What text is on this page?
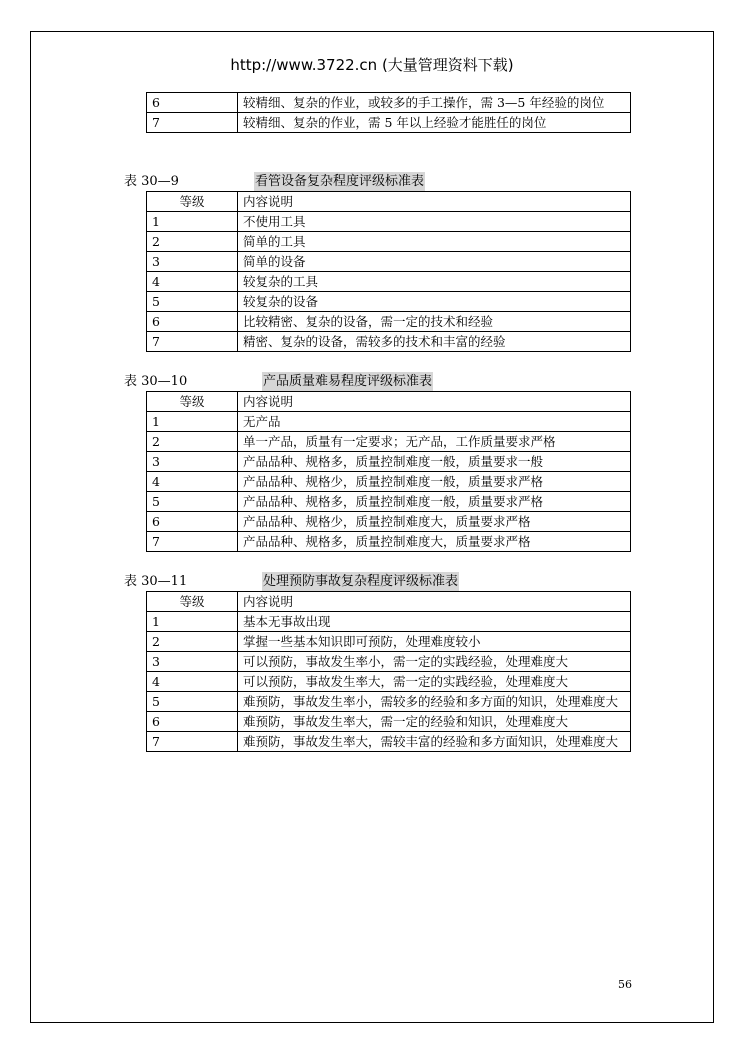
http://www.3722.cn (大量管理资料下载)
6	较精细、复杂的作业，或较多的手工操作，需 3—5 年经验的岗位
7	较精细、复杂的作业，需 5 年以上经验才能胜任的岗位
表 30—9	看管设备复杂程度评级标准表
等级	内容说明
1	不使用工具
2	简单的工具
3	简单的设备
4	较复杂的工具
5	较复杂的设备
6	比较精密、复杂的设备，需一定的技术和经验
7	精密、复杂的设备，需较多的技术和丰富的经验
表 30—10	产品质量难易程度评级标准表
等级	内容说明
1	无产品
2	单一产品，质量有一定要求；无产品，工作质量要求严格
3	产品品种、规格多，质量控制难度一般，质量要求一般
4	产品品种、规格少，质量控制难度一般，质量要求严格
5	产品品种、规格多，质量控制难度一般，质量要求严格
6	产品品种、规格少，质量控制难度大，质量要求严格
7	产品品种、规格多，质量控制难度大，质量要求严格
表 30—11	处理预防事故复杂程度评级标准表
等级	内容说明
1	基本无事故出现
2	掌握一些基本知识即可预防，处理难度较小
3	可以预防，事故发生率小，需一定的实践经验，处理难度大
4	可以预防，事故发生率大，需一定的实践经验，处理难度大
5	难预防，事故发生率小，需较多的经验和多方面的知识，处理难度大
6	难预防，事故发生率大，需一定的经验和知识，处理难度大
7	难预防，事故发生率大，需较丰富的经验和多方面知识，处理难度大
56
